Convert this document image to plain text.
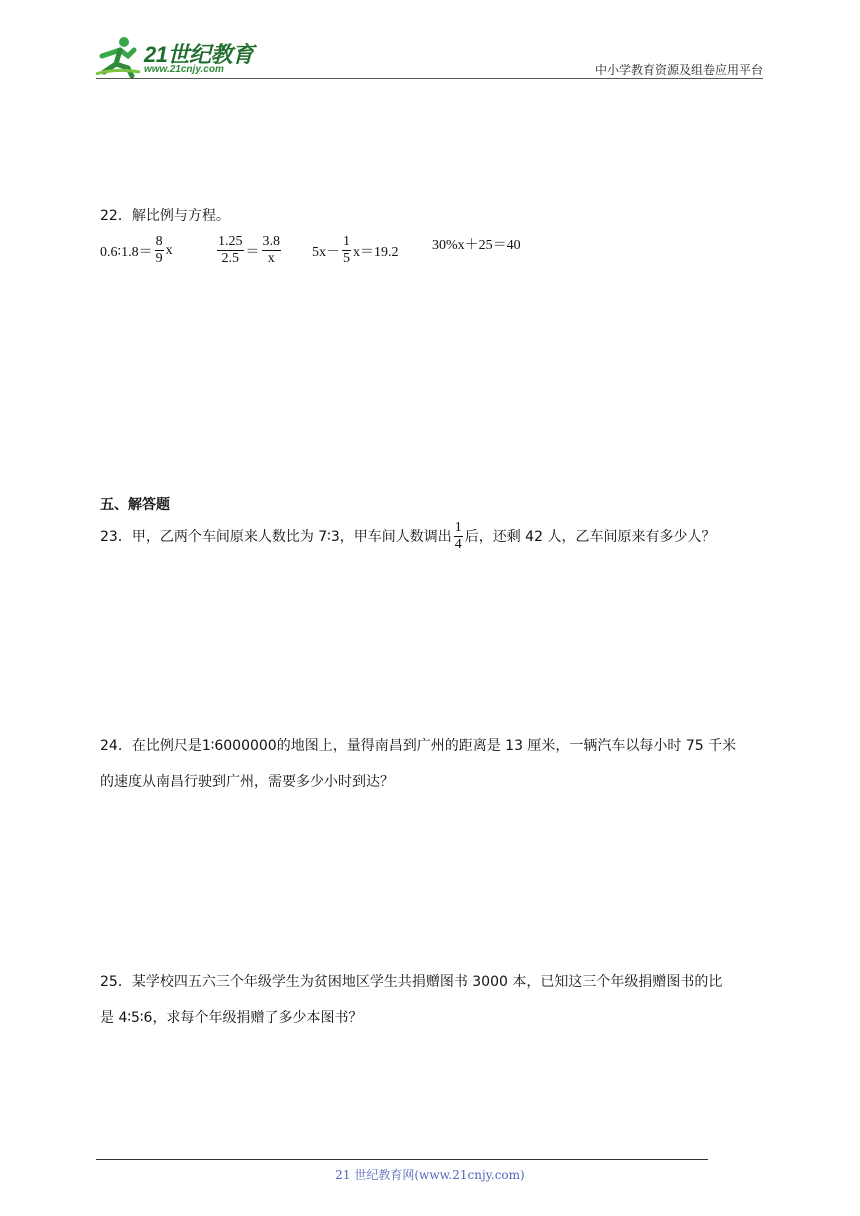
21世纪教育
www.21cnjy.com	中小学教育资源及组卷应用平台
22．解比例与方程。
0.6∶1.8＝ $\frac{8}{9}$ x	$\frac{1.25}{2.5} = \frac{3.8}{x} 5x- \frac{1}{5} x=19.2$ 30%x＋25＝40
五、解答题
23．甲，乙两个车间原来人数比为 7∶3，甲车间人数调出 $\frac{1}{4}$ 后，还剩 42 人，乙车间原来有多少人？
24．在比例尺是1∶6000000的地图上，量得南昌到广州的距离是 13 厘米，一辆汽车以每小时 75 千米
的速度从南昌行驶到广州，需要多少小时到达？
25．某学校四五六三个年级学生为贫困地区学生共捐赠图书 3000 本，已知这三个年级捐赠图书的比
是 4∶5∶6，求每个年级捐赠了多少本图书？
21 世纪教育网(www.21cnjy.com)
